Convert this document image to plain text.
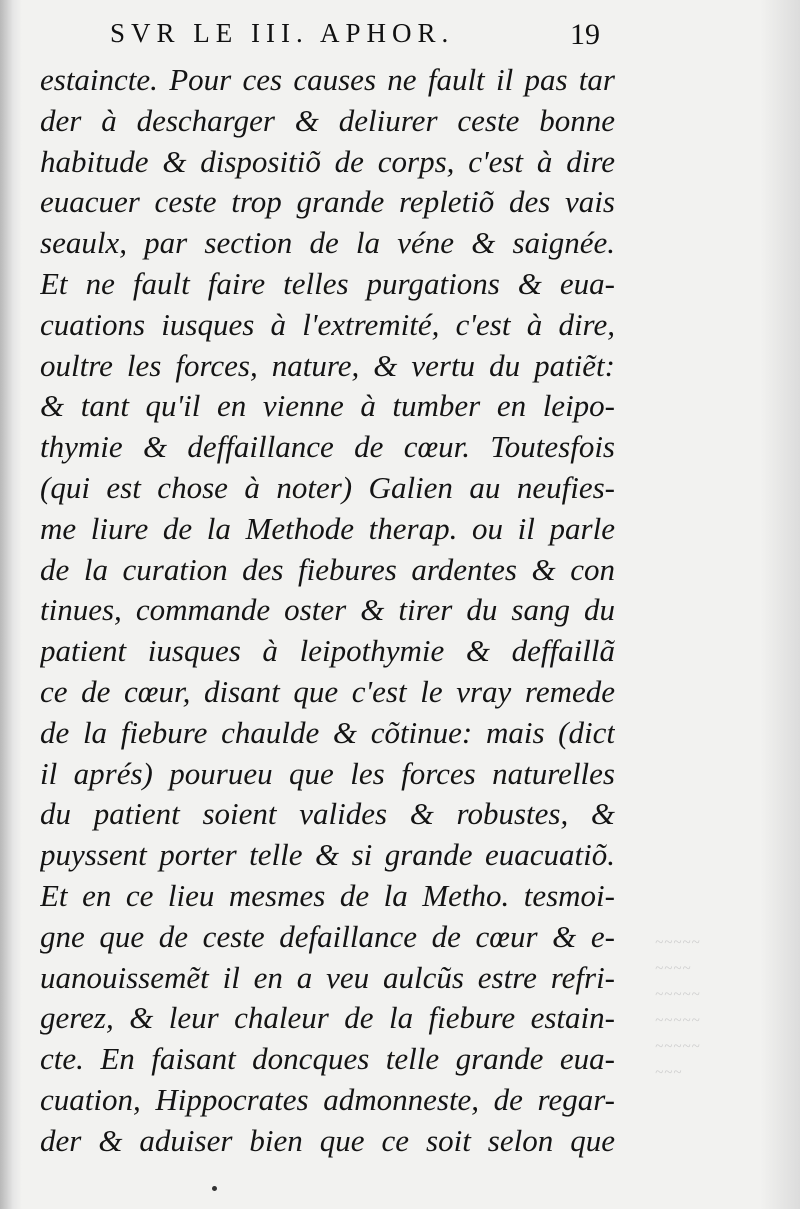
SVR LE III. APHOR.	19
estaincte. Pour ces causes ne fault il pas tar
der à descharger & deliurer ceste bonne
habitude & dispositiõ de corps, c'est à dire
euacuer ceste trop grande repletiõ des vais
seaulx, par section de la véne & saignée.
Et ne fault faire telles purgations & eua-
cuations iusques à l'extremité, c'est à dire,
oultre les forces, nature, & vertu du patiẽt:
& tant qu'il en vienne à tumber en leipo-
thymie & deffaillance de cœur. Toutesfois
(qui est chose à noter) Galien au neufies-
me liure de la Methode therap. ou il parle
de la curation des fiebures ardentes & con
tinues, commande oster & tirer du sang du
patient iusques à leipothymie & deffaillã
ce de cœur, disant que c'est le vray remede
de la fiebure chaulde & cõtinue: mais (dict
il aprés) pourueu que les forces naturelles
du patient soient valides & robustes, &
puyssent porter telle & si grande euacuatiõ.
Et en ce lieu mesmes de la Metho. tesmoi-
gne que de ceste defaillance de cœur & e-
uanouissemẽt il en a veu aulcũs estre refri-
gerez, & leur chaleur de la fiebure estain-
cte. En faisant doncques telle grande eua-
cuation, Hippocrates admonneste, de regar-
der & aduiser bien que ce soit selon que
~~~~~
~~~~
~~~~~
~~~~~
~~~~~
~~~
